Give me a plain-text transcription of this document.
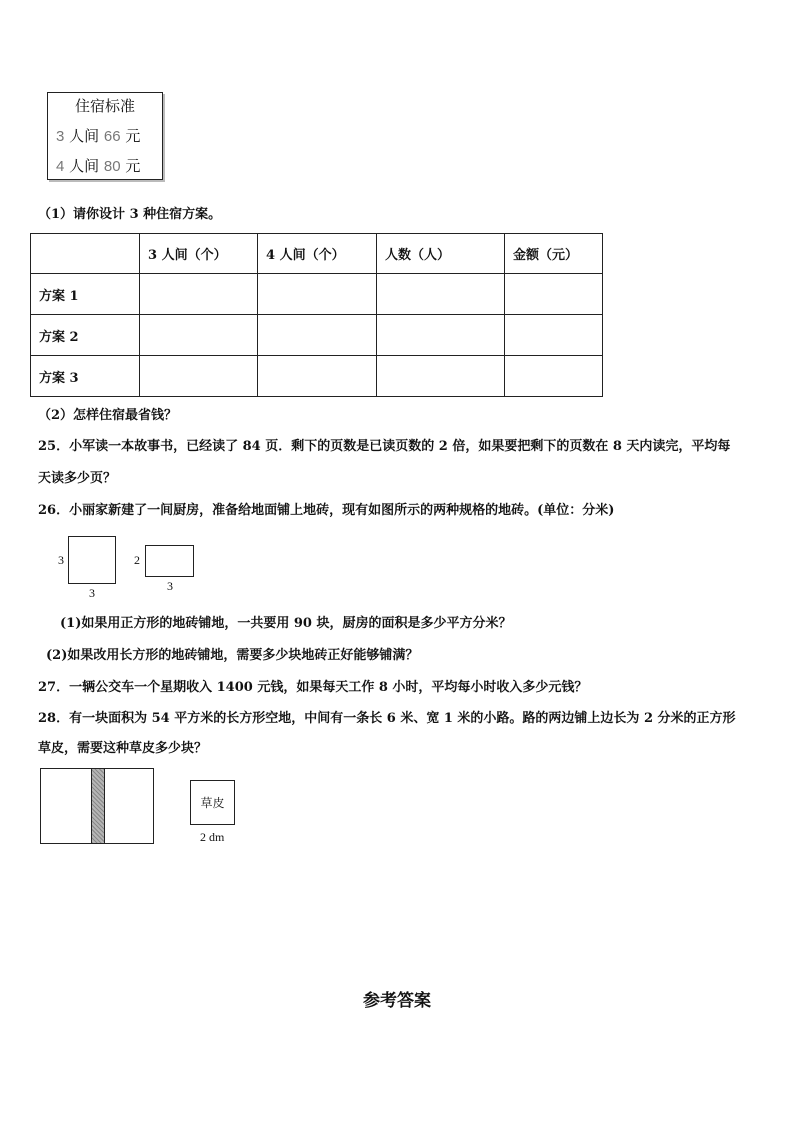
住宿标准
3 人间 66 元
4 人间 80 元
（1）请你设计 3 种住宿方案。
	3 人间（个）	4 人间（个）	人数（人）	金额（元）
方案 1				
方案 2				
方案 3				
（2）怎样住宿最省钱？
25．小军读一本故事书，已经读了 84 页．剩下的页数是已读页数的 2 倍，如果要把剩下的页数在 8 天内读完，平均每
天读多少页？
26．小丽家新建了一间厨房，准备给地面铺上地砖，现有如图所示的两种规格的地砖。(单位：分米)
3
3
2
3
(1)如果用正方形的地砖铺地，一共要用 90 块，厨房的面积是多少平方分米？
(2)如果改用长方形的地砖铺地，需要多少块地砖正好能够铺满？
27．一辆公交车一个星期收入 1400 元钱，如果每天工作 8 小时，平均每小时收入多少元钱？
28．有一块面积为 54 平方米的长方形空地，中间有一条长 6 米、宽 1 米的小路。路的两边铺上边长为 2 分米的正方形
草皮，需要这种草皮多少块？
草皮
2 dm
参考答案
